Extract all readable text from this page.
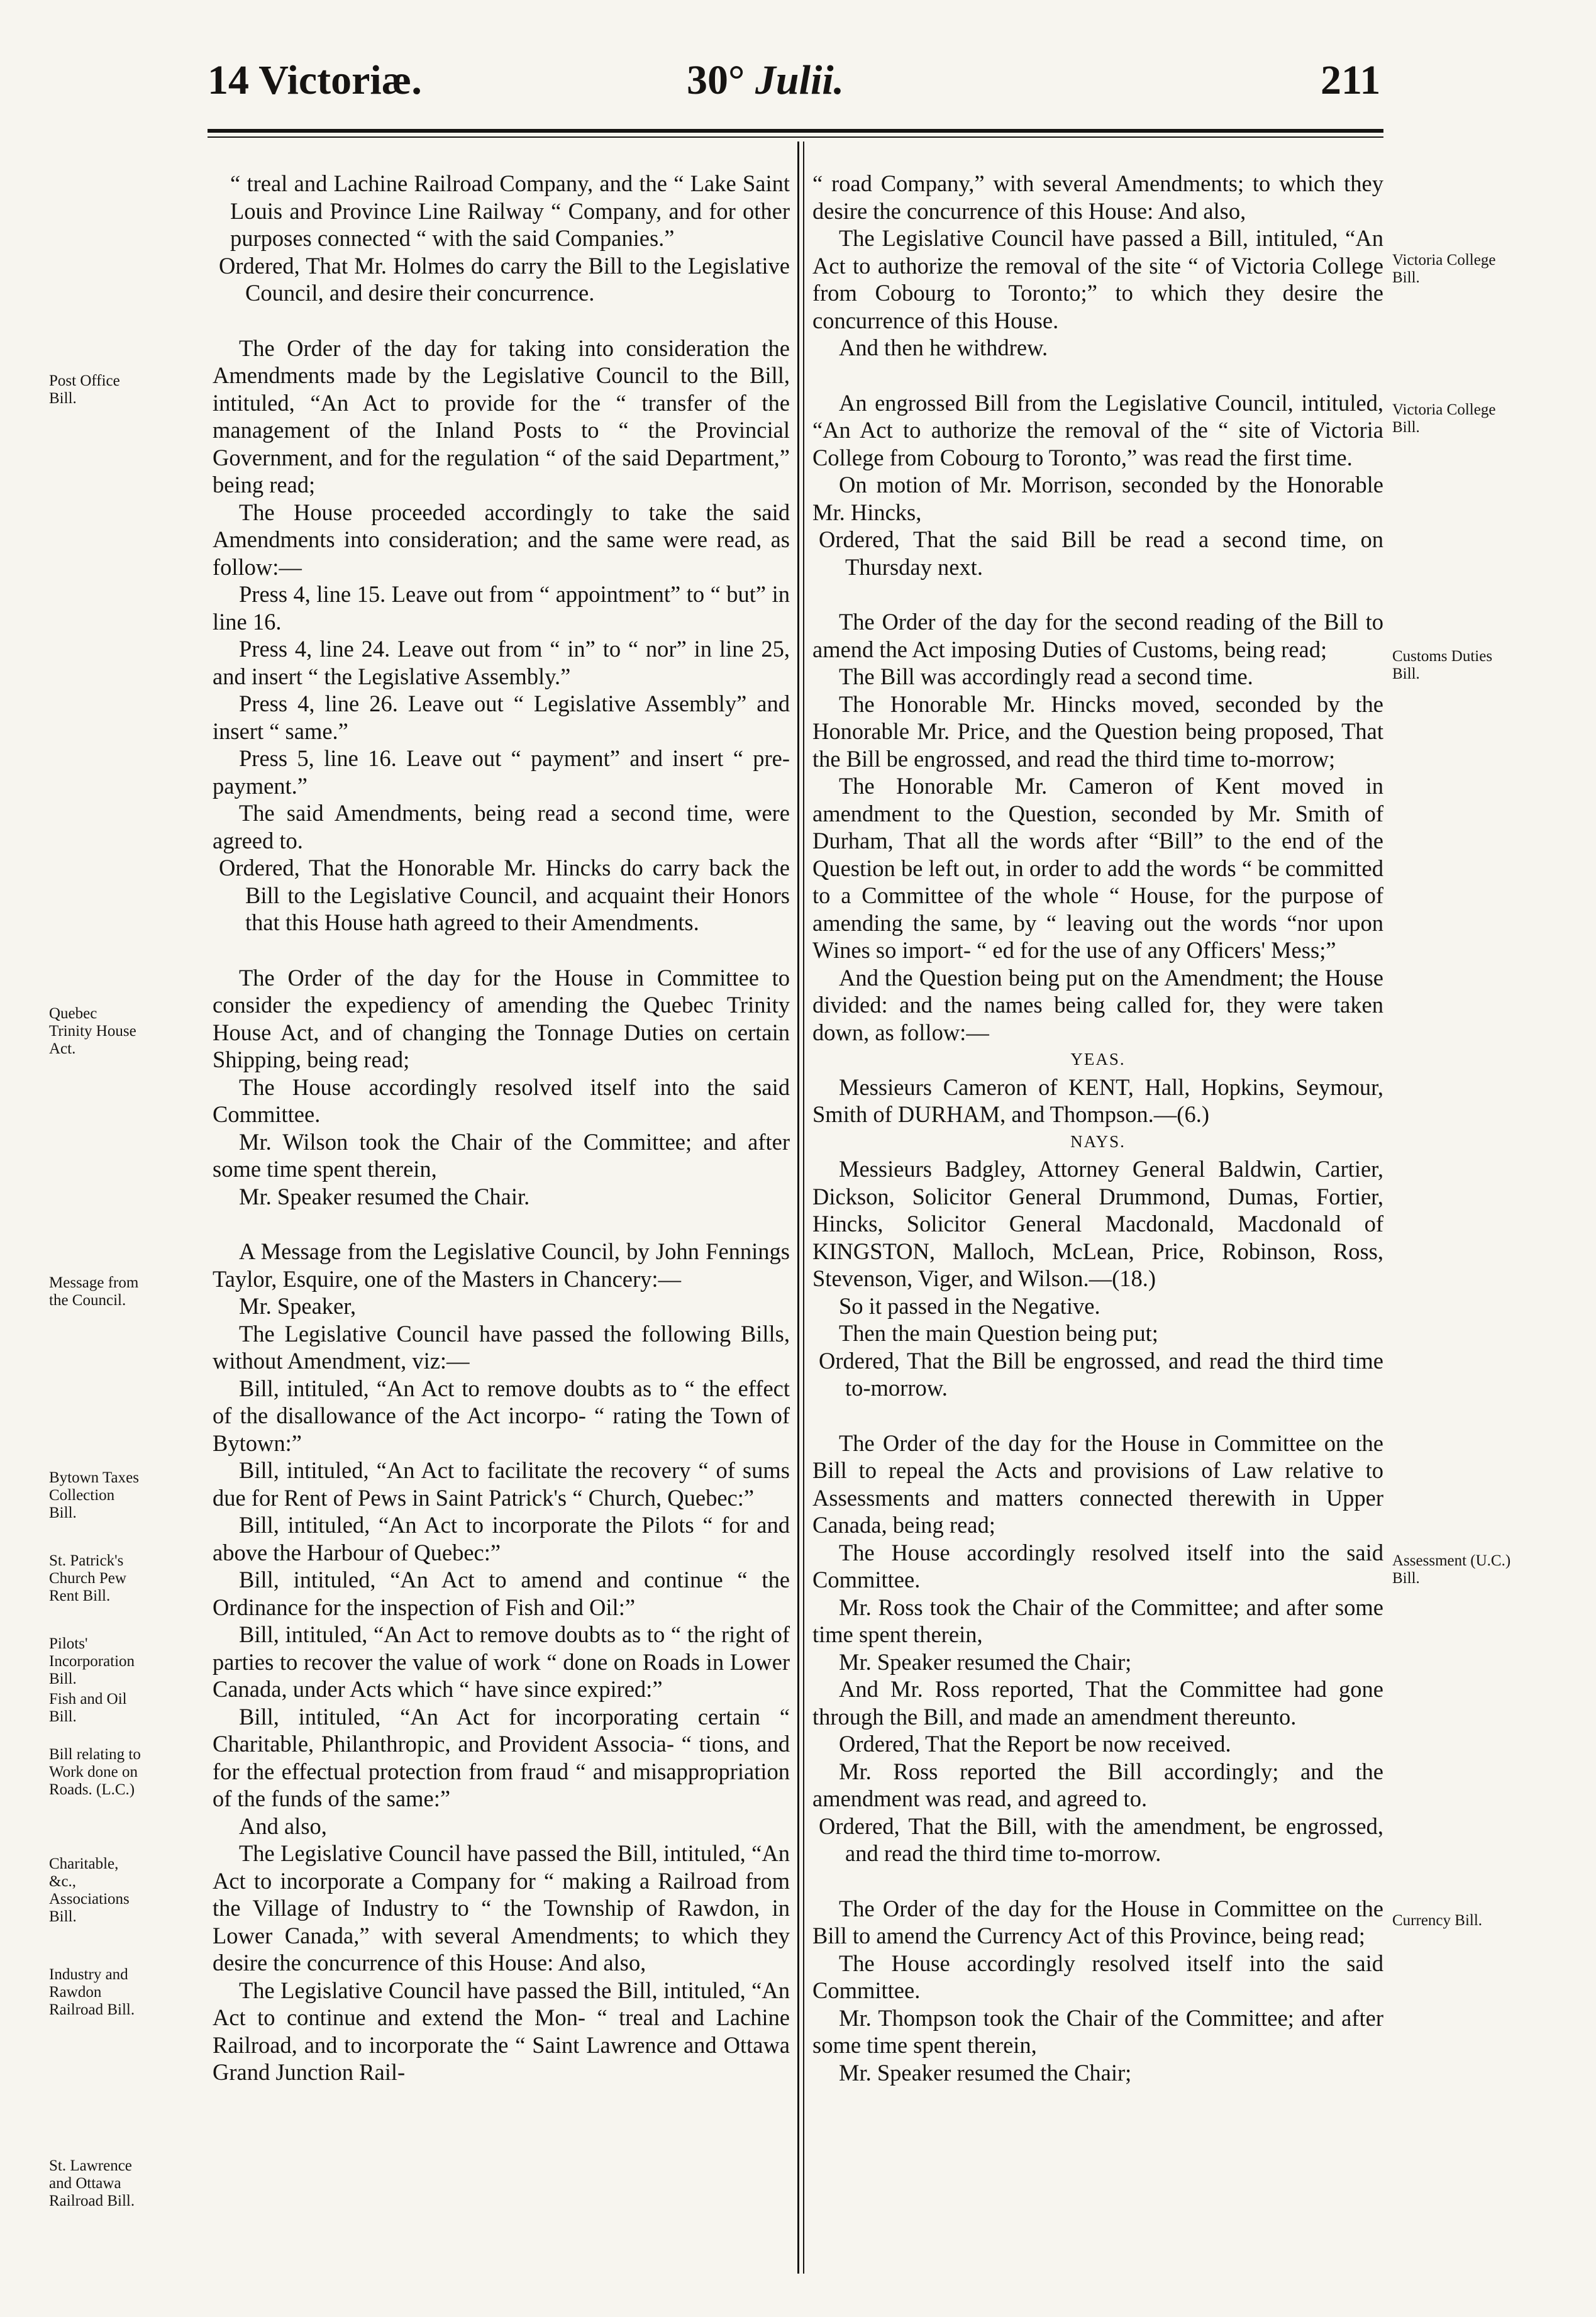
14 Victoriæ.	30° Julii.	211
Post Office Bill.
Quebec Trinity House Act.
Message from the Council.
Bytown Taxes Collection Bill.
St. Patrick's Church Pew Rent Bill.
Pilots' Incorporation Bill.
Fish and Oil Bill.
Bill relating to Work done on Roads. (L.C.)
Charitable, &c., Associations Bill.
Industry and Rawdon Railroad Bill.
St. Lawrence and Ottawa Railroad Bill.
Victoria College Bill.
Victoria College Bill.
Customs Duties Bill.
Assessment (U.C.) Bill.
Currency Bill.

“ treal and Lachine Railroad Company, and the “ Lake Saint Louis and Province Line Railway “ Company, and for other purposes connected “ with the said Companies.”

Ordered, That Mr. Holmes do carry the Bill to the Legislative Council, and desire their concurrence.

The Order of the day for taking into consideration the Amendments made by the Legislative Council to the Bill, intituled, “An Act to provide for the “ transfer of the management of the Inland Posts to “ the Provincial Government, and for the regulation “ of the said Department,” being read;

The House proceeded accordingly to take the said Amendments into consideration; and the same were read, as follow:—

Press 4, line 15. Leave out from “ appointment” to “ but” in line 16.

Press 4, line 24. Leave out from “ in” to “ nor” in line 25, and insert “ the Legislative Assembly.”

Press 4, line 26. Leave out “ Legislative Assembly” and insert “ same.”

Press 5, line 16. Leave out “ payment” and insert “ pre-payment.”

The said Amendments, being read a second time, were agreed to.

Ordered, That the Honorable Mr. Hincks do carry back the Bill to the Legislative Council, and acquaint their Honors that this House hath agreed to their Amendments.

The Order of the day for the House in Committee to consider the expediency of amending the Quebec Trinity House Act, and of changing the Tonnage Duties on certain Shipping, being read;

The House accordingly resolved itself into the said Committee.

Mr. Wilson took the Chair of the Committee; and after some time spent therein,

Mr. Speaker resumed the Chair.

A Message from the Legislative Council, by John Fennings Taylor, Esquire, one of the Masters in Chancery:—

Mr. Speaker,

The Legislative Council have passed the following Bills, without Amendment, viz:—

Bill, intituled, “An Act to remove doubts as to “ the effect of the disallowance of the Act incorpo- “ rating the Town of Bytown:”

Bill, intituled, “An Act to facilitate the recovery “ of sums due for Rent of Pews in Saint Patrick's “ Church, Quebec:”

Bill, intituled, “An Act to incorporate the Pilots “ for and above the Harbour of Quebec:”

Bill, intituled, “An Act to amend and continue “ the Ordinance for the inspection of Fish and Oil:”

Bill, intituled, “An Act to remove doubts as to “ the right of parties to recover the value of work “ done on Roads in Lower Canada, under Acts which “ have since expired:”

Bill, intituled, “An Act for incorporating certain “ Charitable, Philanthropic, and Provident Associa- “ tions, and for the effectual protection from fraud “ and misappropriation of the funds of the same:”

And also,

The Legislative Council have passed the Bill, intituled, “An Act to incorporate a Company for “ making a Railroad from the Village of Industry to “ the Township of Rawdon, in Lower Canada,” with several Amendments; to which they desire the concurrence of this House: And also,

The Legislative Council have passed the Bill, intituled, “An Act to continue and extend the Mon- “ treal and Lachine Railroad, and to incorporate the “ Saint Lawrence and Ottawa Grand Junction Rail-

“ road Company,” with several Amendments; to which they desire the concurrence of this House: And also,

The Legislative Council have passed a Bill, intituled, “An Act to authorize the removal of the site “ of Victoria College from Cobourg to Toronto;” to which they desire the concurrence of this House.

And then he withdrew.

An engrossed Bill from the Legislative Council, intituled, “An Act to authorize the removal of the “ site of Victoria College from Cobourg to Toronto,” was read the first time.

On motion of Mr. Morrison, seconded by the Honorable Mr. Hincks,

Ordered, That the said Bill be read a second time, on Thursday next.

The Order of the day for the second reading of the Bill to amend the Act imposing Duties of Customs, being read;

The Bill was accordingly read a second time.

The Honorable Mr. Hincks moved, seconded by the Honorable Mr. Price, and the Question being proposed, That the Bill be engrossed, and read the third time to-morrow;

The Honorable Mr. Cameron of Kent moved in amendment to the Question, seconded by Mr. Smith of Durham, That all the words after “Bill” to the end of the Question be left out, in order to add the words “ be committed to a Committee of the whole “ House, for the purpose of amending the same, by “ leaving out the words “nor upon Wines so import- “ ed for the use of any Officers' Mess;”

And the Question being put on the Amendment; the House divided: and the names being called for, they were taken down, as follow:—

YEAS.

Messieurs Cameron of KENT, Hall, Hopkins, Seymour, Smith of DURHAM, and Thompson.—(6.)

NAYS.

Messieurs Badgley, Attorney General Baldwin, Cartier, Dickson, Solicitor General Drummond, Dumas, Fortier, Hincks, Solicitor General Macdonald, Macdonald of KINGSTON, Malloch, McLean, Price, Robinson, Ross, Stevenson, Viger, and Wilson.—(18.)

So it passed in the Negative.

Then the main Question being put;

Ordered, That the Bill be engrossed, and read the third time to-morrow.

The Order of the day for the House in Committee on the Bill to repeal the Acts and provisions of Law relative to Assessments and matters connected therewith in Upper Canada, being read;

The House accordingly resolved itself into the said Committee.

Mr. Ross took the Chair of the Committee; and after some time spent therein,

Mr. Speaker resumed the Chair;

And Mr. Ross reported, That the Committee had gone through the Bill, and made an amendment thereunto.

Ordered, That the Report be now received.

Mr. Ross reported the Bill accordingly; and the amendment was read, and agreed to.

Ordered, That the Bill, with the amendment, be engrossed, and read the third time to-morrow.

The Order of the day for the House in Committee on the Bill to amend the Currency Act of this Province, being read;

The House accordingly resolved itself into the said Committee.

Mr. Thompson took the Chair of the Committee; and after some time spent therein,

Mr. Speaker resumed the Chair;
